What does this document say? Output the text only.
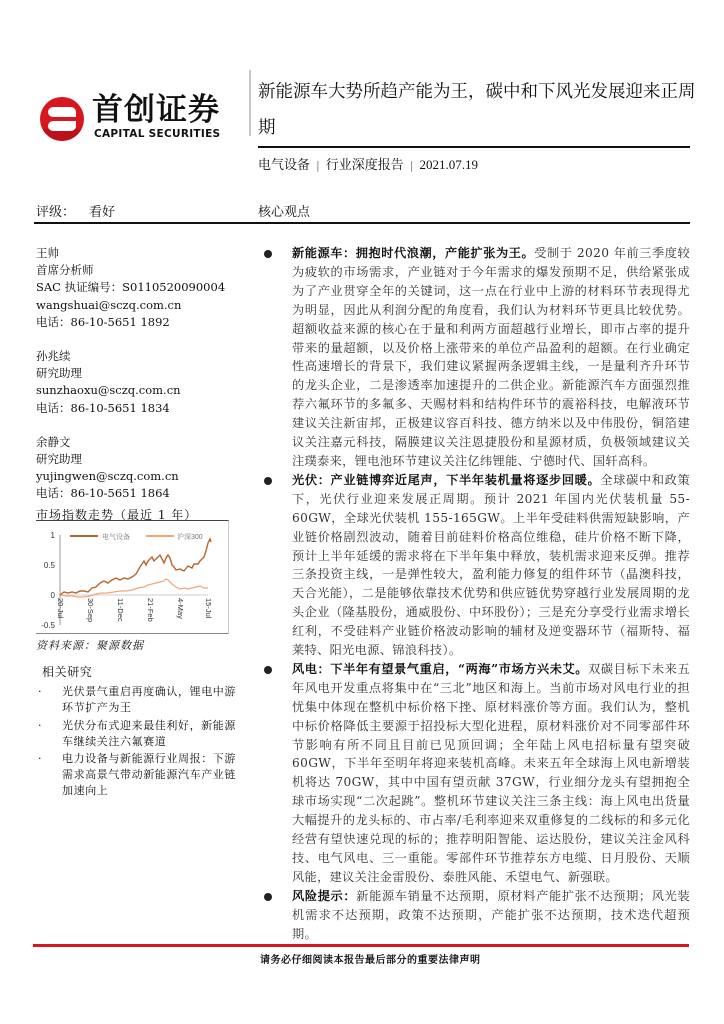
首创证券
CAPITAL SECURITIES
新能源车大势所趋产能为王，碳中和下风光发展迎来正周期
电气设备 | 行业深度报告 | 2021.07.19
评级： 看好	核心观点
王帅
首席分析师
SAC 执证编号：S0110520090004
wangshuai@sczq.com.cn
电话：86-10-5651 1892
孙兆续
研究助理
sunzhaoxu@sczq.com.cn
电话：86-10-5651 1834
余静文
研究助理
yujingwen@sczq.com.cn
电话：86-10-5651 1864
市场指数走势（最近 1 年）
1
0.5
0
-0.5
电气设备	沪深300
20-Jul	30-Sep	11-Dec	21-Feb	4-May	15-Jul
资料来源：聚源数据
相关研究
· 光伏景气重启再度确认，锂电中游环节扩产为王
· 光伏分布式迎来最佳利好，新能源车继续关注六氟赛道
· 电力设备与新能源行业周报：下游需求高景气带动新能源汽车产业链加速向上
新能源车：拥抱时代浪潮，产能扩张为王。受制于 2020 年前三季度较为疲软的市场需求，产业链对于今年需求的爆发预期不足，供给紧张成为了产业贯穿全年的关键词，这一点在行业中上游的材料环节表现得尤为明显，因此从利润分配的角度看，我们认为材料环节更具比较优势。超额收益来源的核心在于量和利两方面超越行业增长，即市占率的提升带来的量超额，以及价格上涨带来的单位产品盈利的超额。在行业确定性高速增长的背景下，我们建议紧握两条逻辑主线，一是量利齐升环节的龙头企业，二是渗透率加速提升的二供企业。新能源汽车方面强烈推荐六氟环节的多氟多、天赐材料和结构件环节的震裕科技，电解液环节建议关注新宙邦，正极建议容百科技、德方纳米以及中伟股份，铜箔建议关注嘉元科技，隔膜建议关注恩捷股份和星源材质，负极领域建议关注璞泰来，锂电池环节建议关注亿纬锂能、宁德时代、国轩高科。
光伏：产业链博弈近尾声，下半年装机量将逐步回暖。全球碳中和政策下，光伏行业迎来发展正周期。预计 2021 年国内光伏装机量 55-60GW，全球光伏装机 155-165GW。上半年受硅料供需短缺影响，产业链价格剧烈波动，随着目前硅料价格高位维稳，硅片价格不断下降，预计上半年延缓的需求将在下半年集中释放，装机需求迎来反弹。推荐三条投资主线，一是弹性较大，盈利能力修复的组件环节（晶澳科技，天合光能），二是能够依靠技术优势和供应链优势穿越行业发展周期的龙头企业（隆基股份，通威股份、中环股份）；三是充分享受行业需求增长红利，不受硅料产业链价格波动影响的辅材及逆变器环节（福斯特、福莱特、阳光电源、锦浪科技）。
风电：下半年有望景气重启，“两海”市场方兴未艾。双碳目标下未来五年风电开发重点将集中在“三北”地区和海上。当前市场对风电行业的担忧集中体现在整机中标价格下挫、原材料涨价等方面。我们认为，整机中标价格降低主要源于招投标大型化进程，原材料涨价对不同零部件环节影响有所不同且目前已见顶回调；全年陆上风电招标量有望突破 60GW，下半年至明年将迎来装机高峰。未来五年全球海上风电新增装机将达 70GW，其中中国有望贡献 37GW，行业细分龙头有望拥抱全球市场实现“二次起跳”。整机环节建议关注三条主线：海上风电出货量大幅提升的龙头标的、市占率/毛利率迎来双重修复的二线标的和多元化经营有望快速兑现的标的；推荐明阳智能、运达股份，建议关注金风科技、电气风电、三一重能。零部件环节推荐东方电缆、日月股份、天顺风能，建议关注金雷股份、泰胜风能、禾望电气、新强联。
风险提示：新能源车销量不达预期，原材料产能扩张不达预期；风光装机需求不达预期，政策不达预期，产能扩张不达预期，技术迭代超预期。
请务必仔细阅读本报告最后部分的重要法律声明
